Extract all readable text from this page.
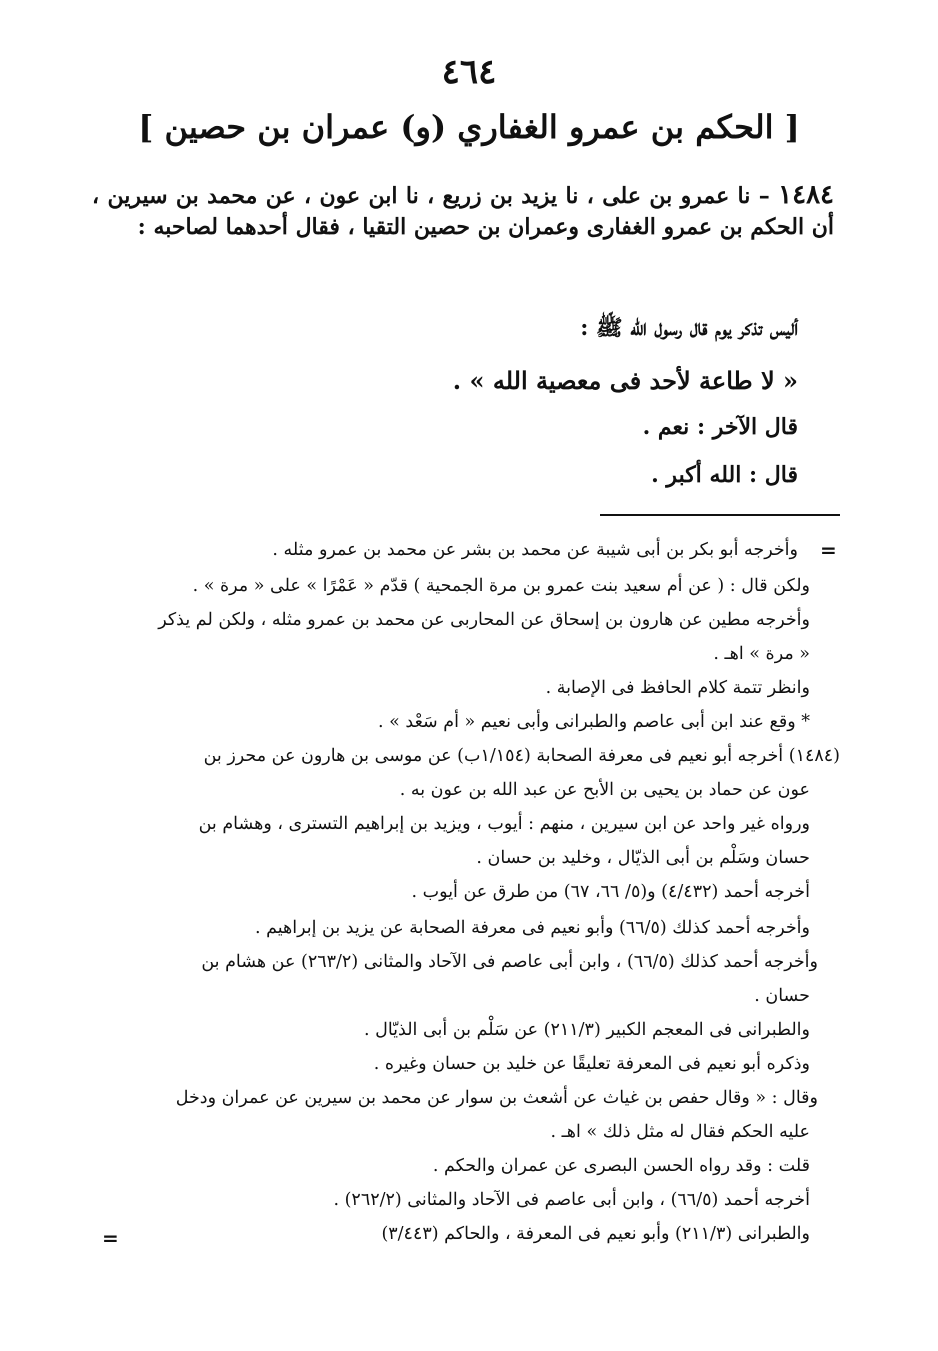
٤٦٤
[ الحكم بن عمرو الغفاري (و) عمران بن حصين ]
١٤٨٤ – نا عمرو بن على ، نا يزيد بن زريع ، نا ابن عون ، عن محمد بن سيرين ، أن الحكم بن عمرو الغفارى وعمران بن حصين التقيا ، فقال أحدهما لصاحبه :
أليس تذكر يوم قال رسول الله ﷺ :
« لا طاعة لأحد فى معصية الله » .
قال الآخر : نعم .
قال : الله أكبر .
=
وأخرجه أبو بكر بن أبى شيبة عن محمد بن بشر عن محمد بن عمرو مثله .
ولكن قال : ( عن أم سعيد بنت عمرو بن مرة الجمحية ) قدّم « عَمْرًا » على « مرة » .
وأخرجه مطين عن هارون بن إسحاق عن المحاربى عن محمد بن عمرو مثله ، ولكن لم يذكر
« مرة » اهـ .
وانظر تتمة كلام الحافظ فى الإصابة .
* وقع عند ابن أبى عاصم والطبرانى وأبى نعيم « أم سَعْد » .
(١٤٨٤) أخرجه أبو نعيم فى معرفة الصحابة (١/١٥٤ب) عن موسى بن هارون عن محرز بن
عون عن حماد بن يحيى بن الأبح عن عبد الله بن عون به .
ورواه غير واحد عن ابن سيرين ، منهم : أيوب ، ويزيد بن إبراهيم التسترى ، وهشام بن
حسان وسَلْم بن أبى الذيّال ، وخليد بن حسان .
أخرجه أحمد (٤/٤٣٢) و(٥/ ٦٦، ٦٧) من طرق عن أيوب .
وأخرجه أحمد كذلك (٦٦/٥) وأبو نعيم فى معرفة الصحابة عن يزيد بن إبراهيم .
وأخرجه أحمد كذلك (٦٦/٥) ، وابن أبى عاصم فى الآحاد والمثانى (٢٦٣/٢) عن هشام بن
حسان .
والطبرانى فى المعجم الكبير (٢١١/٣) عن سَلْم بن أبى الذيّال .
وذكره أبو نعيم فى المعرفة تعليقًا عن خليد بن حسان وغيره .
وقال : « وقال حفص بن غياث عن أشعث بن سوار عن محمد بن سيرين عن عمران ودخل
عليه الحكم فقال له مثل ذلك » اهـ .
قلت : وقد رواه الحسن البصرى عن عمران والحكم .
أخرجه أحمد (٦٦/٥) ، وابن أبى عاصم فى الآحاد والمثانى (٢٦٢/٢) .
والطبرانى (٢١١/٣) وأبو نعيم فى المعرفة ، والحاكم (٣/٤٤٣)
=
